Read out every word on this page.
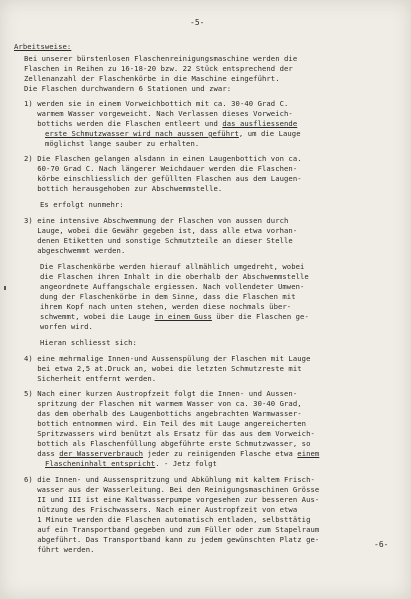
-5-
Arbeitsweise:
Bei unserer bürstenlosen Flaschenreinigungsmaschine werden die
Flaschen in Reihen zu 16-18-20 bzw. 22 Stück entsprechend der
Zellenanzahl der Flaschenkörbe in die Maschine eingeführt.
Die Flaschen durchwandern 6 Stationen und zwar:
1) werden sie in einem Vorweichbottich mit ca. 30-40 Grad C.
warmem Wasser vorgeweicht. Nach Verlassen dieses Vorweich-
bottichs werden die Flaschen entleert und das ausfliessende
erste Schmutzwasser wird nach aussen geführt, um die Lauge
möglichst lange sauber zu erhalten.
2) Die Flaschen gelangen alsdann in einen Laugenbottich von ca.
60-70 Grad C. Nach längerer Weichdauer werden die Flaschen-
körbe einschliesslich der gefüllten Flaschen aus dem Laugen-
bottich herausgehoben zur Abschwemmstelle.
Es erfolgt nunmehr:
3) eine intensive Abschwemmung der Flaschen von aussen durch
Lauge, wobei die Gewähr gegeben ist, dass alle etwa vorhan-
denen Etiketten und sonstige Schmutzteile an dieser Stelle
abgeschwemmt werden.
Die Flaschenkörbe werden hierauf allmählich umgedreht, wobei
die Flaschen ihren Inhalt in die oberhalb der Abschwemmstelle
angeordnete Auffangschale ergiessen. Nach vollendeter Umwen-
dung der Flaschenkörbe in dem Sinne, dass die Flaschen mit
ihrem Kopf nach unten stehen, werden diese nochmals über-
schwemmt, wobei die Lauge in einem Guss über die Flaschen ge-
worfen wird.
Hieran schliesst sich:
4) eine mehrmalige Innen-und Aussenspülung der Flaschen mit Lauge
bei etwa 2,5 at.Druck an, wobei die letzten Schmutzreste mit
Sicherheit entfernt werden.
5) Nach einer kurzen Austropfzeit folgt die Innen- und Aussen-
spritzung der Flaschen mit warmem Wasser von ca. 30-40 Grad,
das dem oberhalb des Laugenbottichs angebrachten Warmwasser-
bottich entnommen wird. Ein Teil des mit Lauge angereicherten
Spritzwassers wird benützt als Ersatz für das aus dem Vorweich-
bottich als Flaschenfüllung abgeführte erste Schmutzwasser, so
dass der Wasserverbrauch jeder zu reinigenden Flasche etwa einem
Flascheninhalt entspricht. - Jetz folgt
6) die Innen- und Aussenspritzung und Abkühlung mit kaltem Frisch-
wasser aus der Wasserleitung. Bei den Reinigungsmaschinen Grösse
II und III ist eine Kaltwasserpumpe vorgesehen zur besseren Aus-
nützung des Frischwassers. Nach einer Austropfzeit von etwa
1 Minute werden die Flaschen automatisch entladen, selbsttätig
auf ein Transportband gegeben und zum Füller oder zum Stapelraum
abgeführt. Das Transportband kann zu jedem gewünschten Platz ge-
führt werden.
-6-
